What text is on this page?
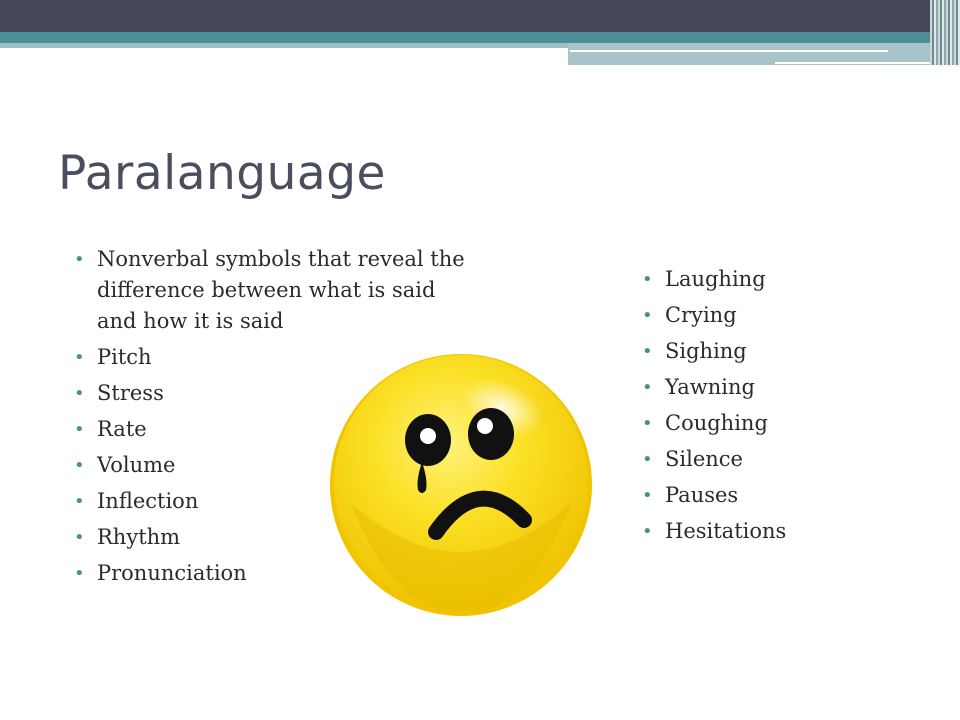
Paralanguage
• Nonverbal symbols that reveal the difference between what is said and how it is said
• Pitch
• Stress
• Rate
• Volume
• Inflection
• Rhythm
• Pronunciation
• Laughing
• Crying
• Sighing
• Yawning
• Coughing
• Silence
• Pauses
• Hesitations
